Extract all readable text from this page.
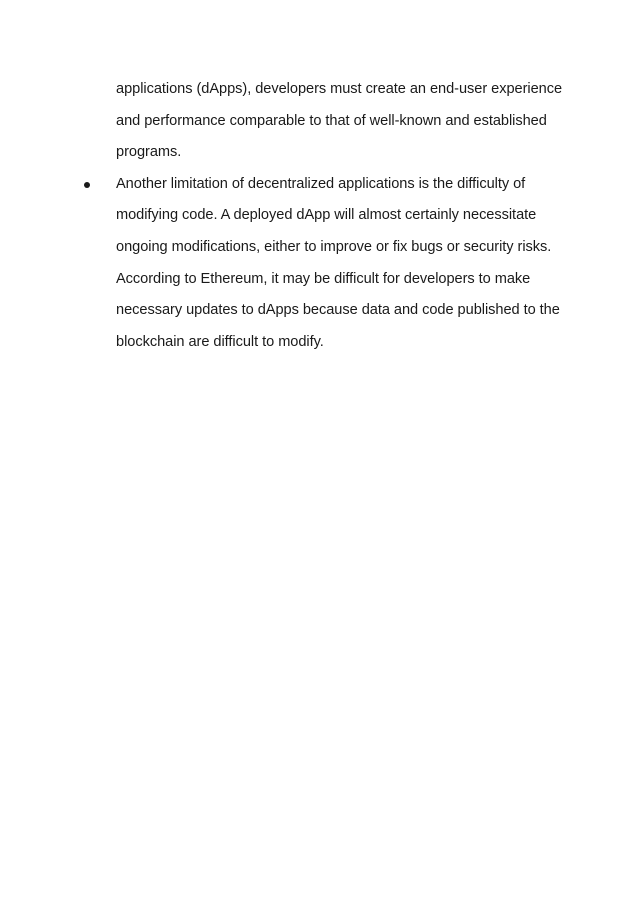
applications (dApps), developers must create an end-user experience and performance comparable to that of well-known and established programs.

Another limitation of decentralized applications is the difficulty of modifying code. A deployed dApp will almost certainly necessitate ongoing modifications, either to improve or fix bugs or security risks. According to Ethereum, it may be difficult for developers to make necessary updates to dApps because data and code published to the blockchain are difficult to modify.
